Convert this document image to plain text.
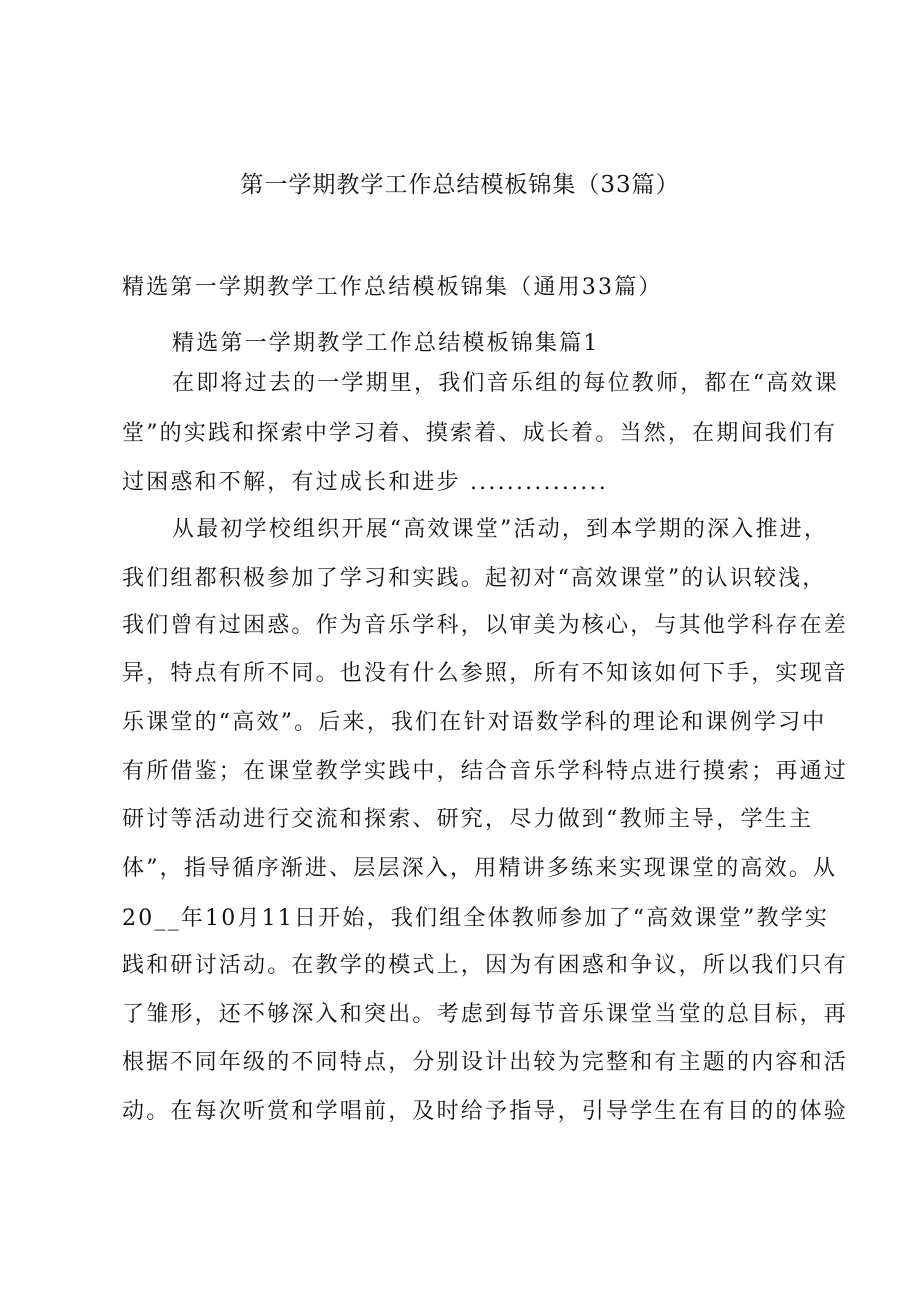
第一学期教学工作总结模板锦集（33篇）
精选第一学期教学工作总结模板锦集（通用33篇）
精选第一学期教学工作总结模板锦集篇1
在即将过去的一学期里，我们音乐组的每位教师，都在“高效课
堂”的实践和探索中学习着、摸索着、成长着。当然，在期间我们有
过困惑和不解，有过成长和进步 ...............
从最初学校组织开展“高效课堂”活动，到本学期的深入推进，
我们组都积极参加了学习和实践。起初对“高效课堂”的认识较浅，
我们曾有过困惑。作为音乐学科，以审美为核心，与其他学科存在差
异，特点有所不同。也没有什么参照，所有不知该如何下手，实现音
乐课堂的“高效”。后来，我们在针对语数学科的理论和课例学习中
有所借鉴；在课堂教学实践中，结合音乐学科特点进行摸索；再通过
研讨等活动进行交流和探索、研究，尽力做到“教师主导，学生主
体”，指导循序渐进、层层深入，用精讲多练来实现课堂的高效。从
20__年10月11日开始，我们组全体教师参加了“高效课堂”教学实
践和研讨活动。在教学的模式上，因为有困惑和争议，所以我们只有
了雏形，还不够深入和突出。考虑到每节音乐课堂当堂的总目标，再
根据不同年级的不同特点，分别设计出较为完整和有主题的内容和活
动。在每次听赏和学唱前，及时给予指导，引导学生在有目的的体验
